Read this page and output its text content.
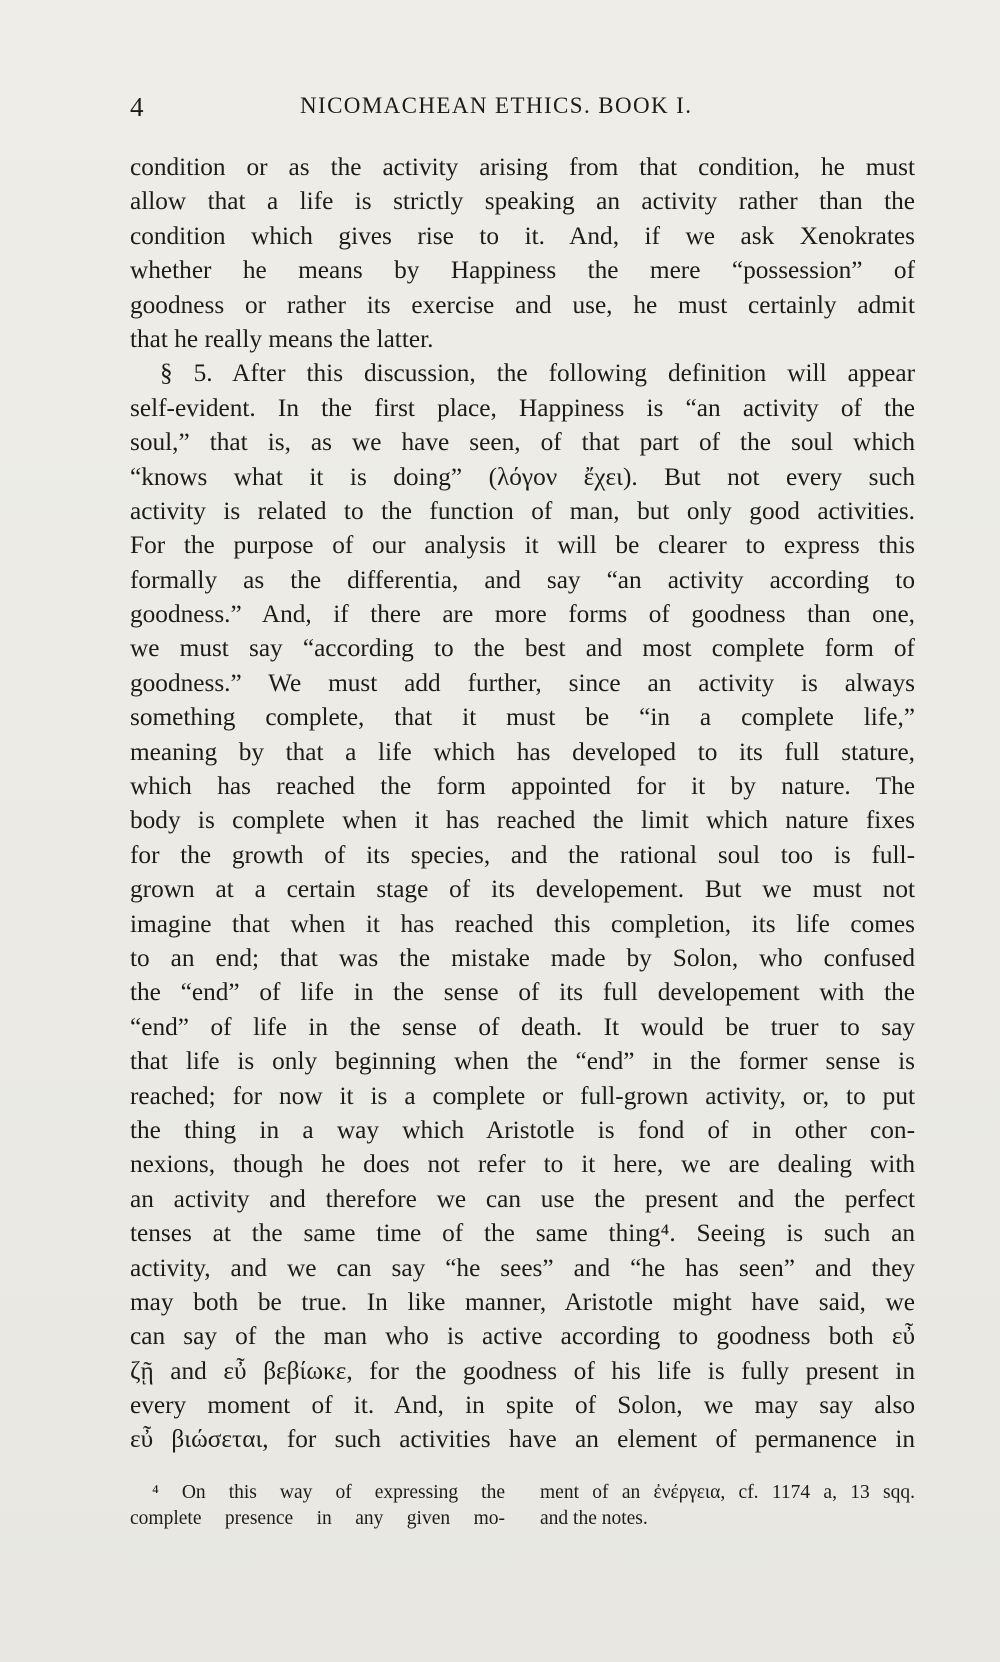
4	NICOMACHEAN ETHICS. BOOK I.
condition or as the activity arising from that condition, he must
allow that a life is strictly speaking an activity rather than the
condition which gives rise to it. And, if we ask Xenokrates
whether he means by Happiness the mere “possession” of
goodness or rather its exercise and use, he must certainly admit
that he really means the latter.
§ 5. After this discussion, the following definition will appear
self-evident. In the first place, Happiness is “an activity of the
soul,” that is, as we have seen, of that part of the soul which
“knows what it is doing” (λόγον ἔχει). But not every such
activity is related to the function of man, but only good activities.
For the purpose of our analysis it will be clearer to express this
formally as the differentia, and say “an activity according to
goodness.” And, if there are more forms of goodness than one,
we must say “according to the best and most complete form of
goodness.” We must add further, since an activity is always
something complete, that it must be “in a complete life,”
meaning by that a life which has developed to its full stature,
which has reached the form appointed for it by nature. The
body is complete when it has reached the limit which nature fixes
for the growth of its species, and the rational soul too is full-
grown at a certain stage of its developement. But we must not
imagine that when it has reached this completion, its life comes
to an end; that was the mistake made by Solon, who confused
the “end” of life in the sense of its full developement with the
“end” of life in the sense of death. It would be truer to say
that life is only beginning when the “end” in the former sense is
reached; for now it is a complete or full-grown activity, or, to put
the thing in a way which Aristotle is fond of in other con-
nexions, though he does not refer to it here, we are dealing with
an activity and therefore we can use the present and the perfect
tenses at the same time of the same thing⁴. Seeing is such an
activity, and we can say “he sees” and “he has seen” and they
may both be true. In like manner, Aristotle might have said, we
can say of the man who is active according to goodness both εὖ
ζῇ and εὖ βεβίωκε, for the goodness of his life is fully present in
every moment of it. And, in spite of Solon, we may say also
εὖ βιώσεται, for such activities have an element of permanence in
⁴ On this way of expressing the
complete presence in any given mo-
ment of an ἐνέργεια, cf. 1174 a, 13 sqq.
and the notes.
